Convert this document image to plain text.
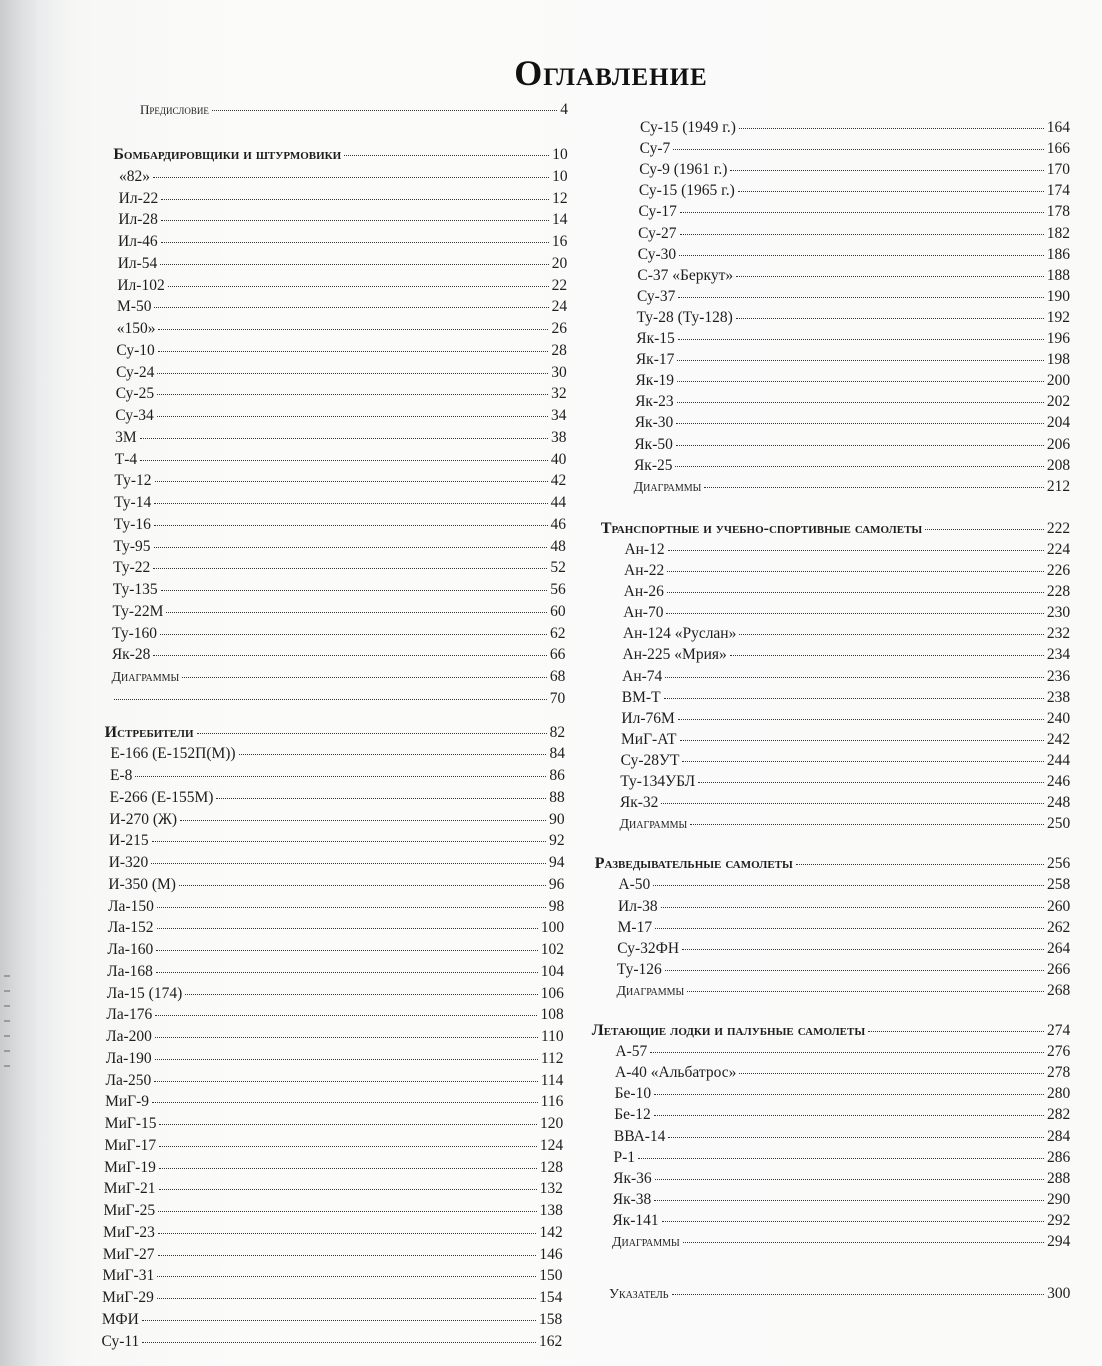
Оглавление
Предисловие	4
Бомбардировщики и штурмовики	10
«82»	10
Ил-22	12
Ил-28	14
Ил-46	16
Ил-54	20
Ил-102	22
М-50	24
«150»	26
Су-10	28
Су-24	30
Су-25	32
Су-34	34
3М	38
Т-4	40
Ту-12	42
Ту-14	44
Ту-16	46
Ту-95	48
Ту-22	52
Ту-135	56
Ту-22М	60
Ту-160	62
Як-28	66
Диаграммы	68
70
Истребители	82
Е-166 (Е-152П(М))	84
Е-8	86
Е-266 (Е-155М)	88
И-270 (Ж)	90
И-215	92
И-320	94
И-350 (М)	96
Ла-150	98
Ла-152	100
Ла-160	102
Ла-168	104
Ла-15 (174)	106
Ла-176	108
Ла-200	110
Ла-190	112
Ла-250	114
МиГ-9	116
МиГ-15	120
МиГ-17	124
МиГ-19	128
МиГ-21	132
МиГ-25	138
МиГ-23	142
МиГ-27	146
МиГ-31	150
МиГ-29	154
МФИ	158
Су-11	162
Су-15 (1949 г.)	164
Су-7	166
Су-9 (1961 г.)	170
Су-15 (1965 г.)	174
Су-17	178
Су-27	182
Су-30	186
С-37 «Беркут»	188
Су-37	190
Ту-28 (Ту-128)	192
Як-15	196
Як-17	198
Як-19	200
Як-23	202
Як-30	204
Як-50	206
Як-25	208
Диаграммы	212
Транспортные и учебно-спортивные самолеты	222
Ан-12	224
Ан-22	226
Ан-26	228
Ан-70	230
Ан-124 «Руслан»	232
Ан-225 «Мрия»	234
Ан-74	236
ВМ-Т	238
Ил-76М	240
МиГ-АТ	242
Су-28УТ	244
Ту-134УБЛ	246
Як-32	248
Диаграммы	250
Разведывательные самолеты	256
А-50	258
Ил-38	260
М-17	262
Су-32ФН	264
Ту-126	266
Диаграммы	268
Летающие лодки и палубные самолеты	274
А-57	276
А-40 «Альбатрос»	278
Бе-10	280
Бе-12	282
ВВА-14	284
Р-1	286
Як-36	288
Як-38	290
Як-141	292
Диаграммы	294
Указатель	300
